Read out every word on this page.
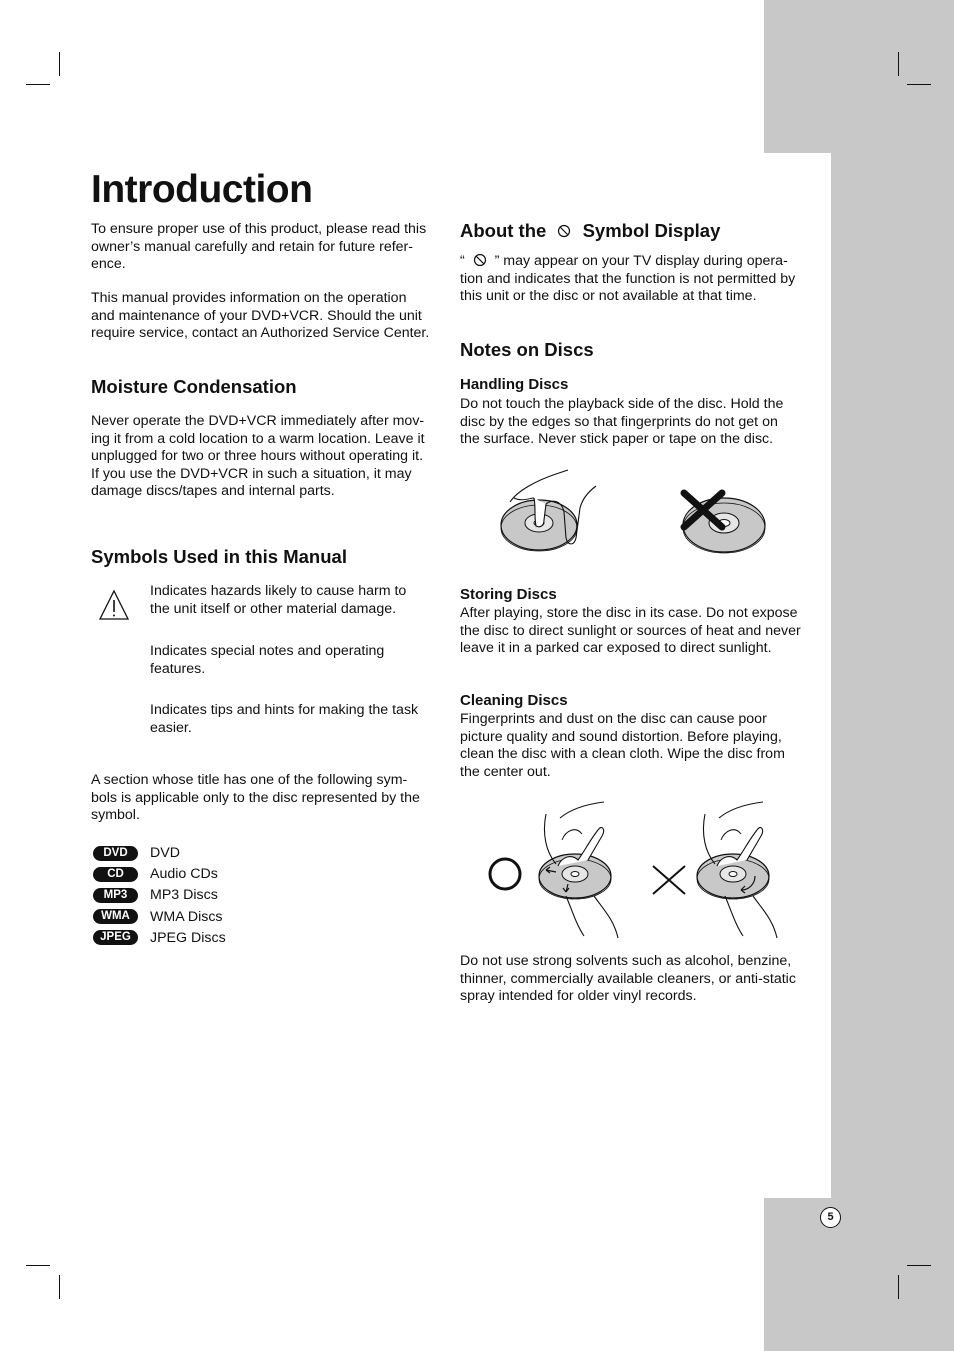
Introduction

To ensure proper use of this product, please read this
owner’s manual carefully and retain for future refer-
ence.

This manual provides information on the operation
and maintenance of your DVD+VCR. Should the unit
require service, contact an Authorized Service Center.

Moisture Condensation

Never operate the DVD+VCR immediately after mov-
ing it from a cold location to a warm location. Leave it
unplugged for two or three hours without operating it.
If you use the DVD+VCR in such a situation, it may
damage discs/tapes and internal parts.

Symbols Used in this Manual

Indicates hazards likely to cause harm to
the unit itself or other material damage.

Indicates special notes and operating
features.

Indicates tips and hints for making the task
easier.

A section whose title has one of the following sym-
bols is applicable only to the disc represented by the
symbol.

DVD	DVD
CD	Audio CDs
MP3	MP3 Discs
WMA	WMA Discs
JPEG	JPEG Discs
About the Symbol Display

“ ” may appear on your TV display during opera-
tion and indicates that the function is not permitted by
this unit or the disc or not available at that time.

Notes on Discs
Handling Discs

Do not touch the playback side of the disc. Hold the
disc by the edges so that fingerprints do not get on
the surface. Never stick paper or tape on the disc.

Storing Discs

After playing, store the disc in its case. Do not expose
the disc to direct sunlight or sources of heat and never
leave it in a parked car exposed to direct sunlight.

Cleaning Discs

Fingerprints and dust on the disc can cause poor
picture quality and sound distortion. Before playing,
clean the disc with a clean cloth. Wipe the disc from
the center out.

Do not use strong solvents such as alcohol, benzine,
thinner, commercially available cleaners, or anti-static
spray intended for older vinyl records.

5
